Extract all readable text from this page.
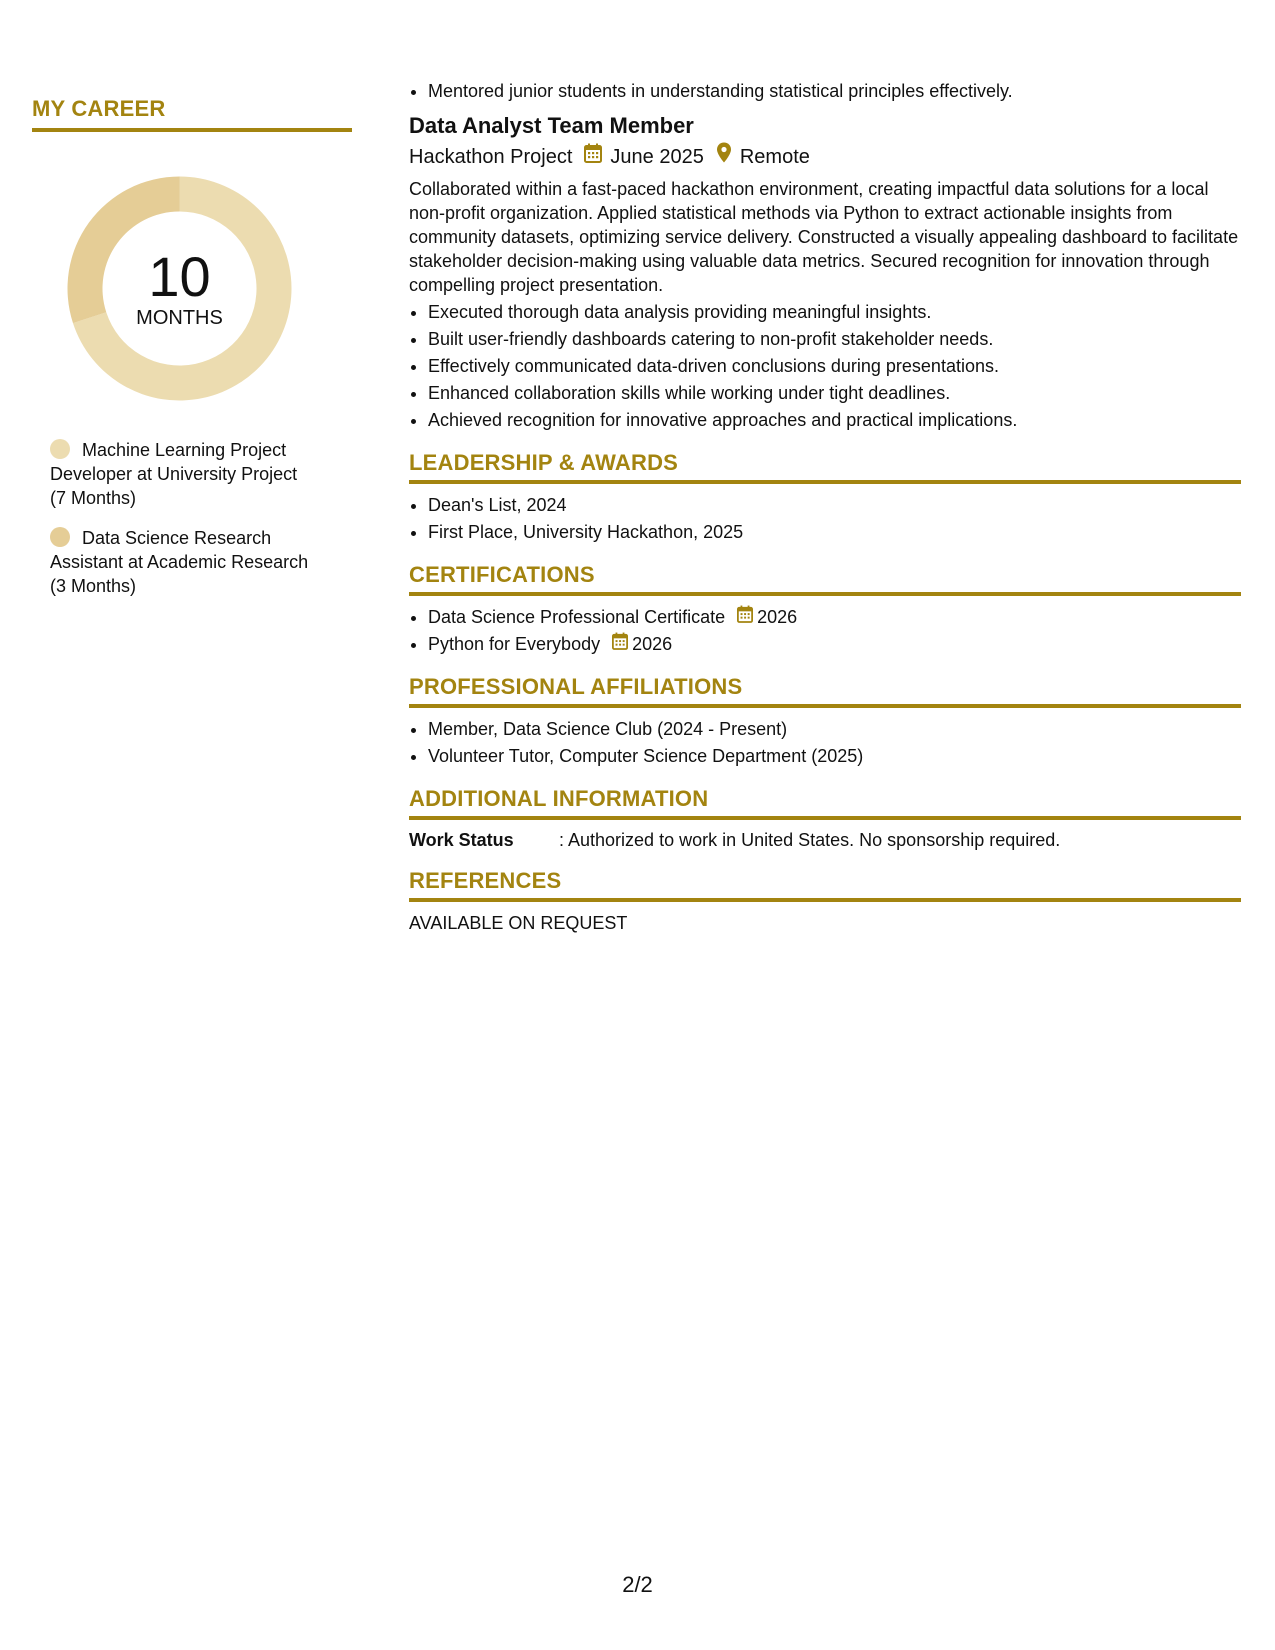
MY CAREER
10
MONTHS
Machine Learning Project Developer at University Project
(7 Months)
Data Science Research Assistant at Academic Research
(3 Months)
• Mentored junior students in understanding statistical principles effectively.
Data Analyst Team Member
Hackathon Project June 2025 Remote
Collaborated within a fast-paced hackathon environment, creating impactful data solutions for a local non-profit organization. Applied statistical methods via Python to extract actionable insights from community datasets, optimizing service delivery. Constructed a visually appealing dashboard to facilitate stakeholder decision-making using valuable data metrics. Secured recognition for innovation through compelling project presentation.
• Executed thorough data analysis providing meaningful insights.
• Built user-friendly dashboards catering to non-profit stakeholder needs.
• Effectively communicated data-driven conclusions during presentations.
• Enhanced collaboration skills while working under tight deadlines.
• Achieved recognition for innovative approaches and practical implications.
LEADERSHIP & AWARDS
• Dean's List, 2024
• First Place, University Hackathon, 2025
CERTIFICATIONS
• Data Science Professional Certificate 2026
• Python for Everybody 2026
PROFESSIONAL AFFILIATIONS
• Member, Data Science Club (2024 - Present)
• Volunteer Tutor, Computer Science Department (2025)
ADDITIONAL INFORMATION
Work Status	: Authorized to work in United States. No sponsorship required.
REFERENCES
AVAILABLE ON REQUEST
2/2
